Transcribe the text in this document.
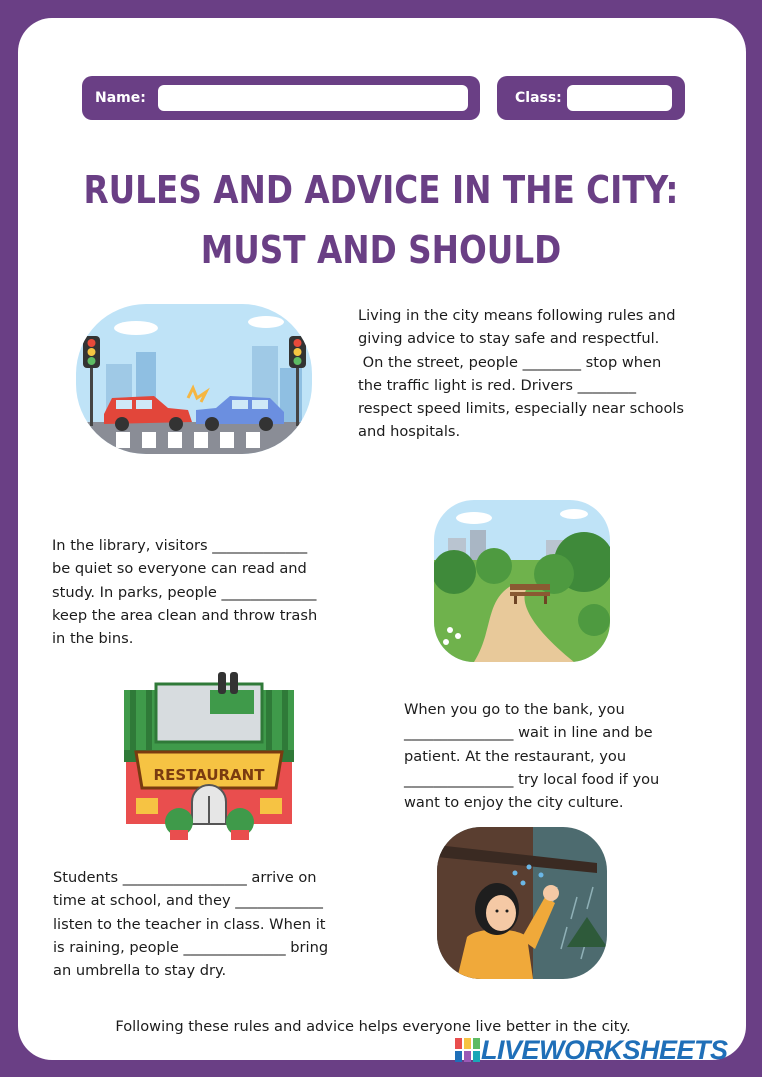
Name:	Class:
RULES AND ADVICE IN THE CITY:
MUST AND SHOULD
Living in the city means following rules and
giving advice to stay safe and respectful.
On the street, people ________ stop when
the traffic light is red. Drivers ________
respect speed limits, especially near schools
and hospitals.
In the library, visitors _____________
be quiet so everyone can read and
study. In parks, people _____________
keep the area clean and throw trash
in the bins.
RESTAURANT
When you go to the bank, you
_______________ wait in line and be
patient. At the restaurant, you
_______________ try local food if you
want to enjoy the city culture.
Students _________________ arrive on
time at school, and they ____________
listen to the teacher in class. When it
is raining, people ______________ bring
an umbrella to stay dry.
Following these rules and advice helps everyone live better in the city.
LIVEWORKSHEETS
